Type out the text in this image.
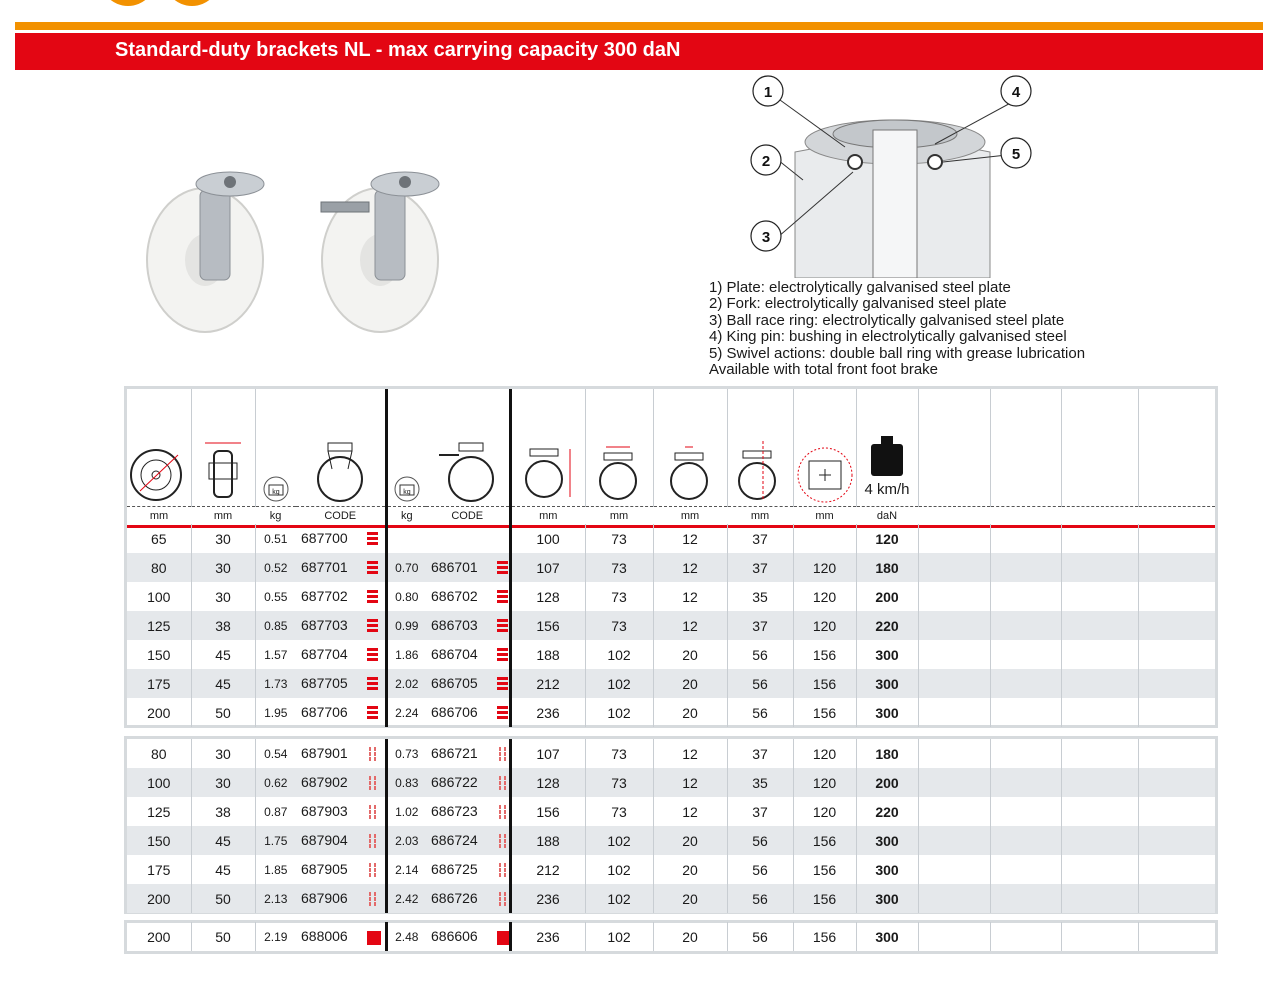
Standard-duty brackets NL - max carrying capacity 300 daN
1	4
5
2
3
1) Plate: electrolytically galvanised steel plate
2) Fork: electrolytically galvanised steel plate
3) Ball race ring: electrolytically galvanised steel plate
4) King pin: bushing in electrolytically galvanised steel
5) Swivel actions: double ball ring with grease lubrication
Available with total front foot brake

kg		kg							4 km/h				

mm	mm	kg	CODE	kg	CODE	mm	mm	mm	mm	mm	daN				
65	30	0.51	687700			100	73	12	37		120				
80	30	0.52	687701	0.70	686701	107	73	12	37	120	180				
100	30	0.55	687702	0.80	686702	128	73	12	35	120	200				
125	38	0.85	687703	0.99	686703	156	73	12	37	120	220				
150	45	1.57	687704	1.86	686704	188	102	20	56	156	300				
175	45	1.73	687705	2.02	686705	212	102	20	56	156	300				
200	50	1.95	687706	2.24	686706	236	102	20	56	156	300				
80	30	0.54	687901	0.73	686721	107	73	12	37	120	180				
100	30	0.62	687902	0.83	686722	128	73	12	35	120	200				
125	38	0.87	687903	1.02	686723	156	73	12	37	120	220				
150	45	1.75	687904	2.03	686724	188	102	20	56	156	300				
175	45	1.85	687905	2.14	686725	212	102	20	56	156	300				
200	50	2.13	687906	2.42	686726	236	102	20	56	156	300				
200	50	2.19	688006	2.48	686606	236	102	20	56	156	300				
